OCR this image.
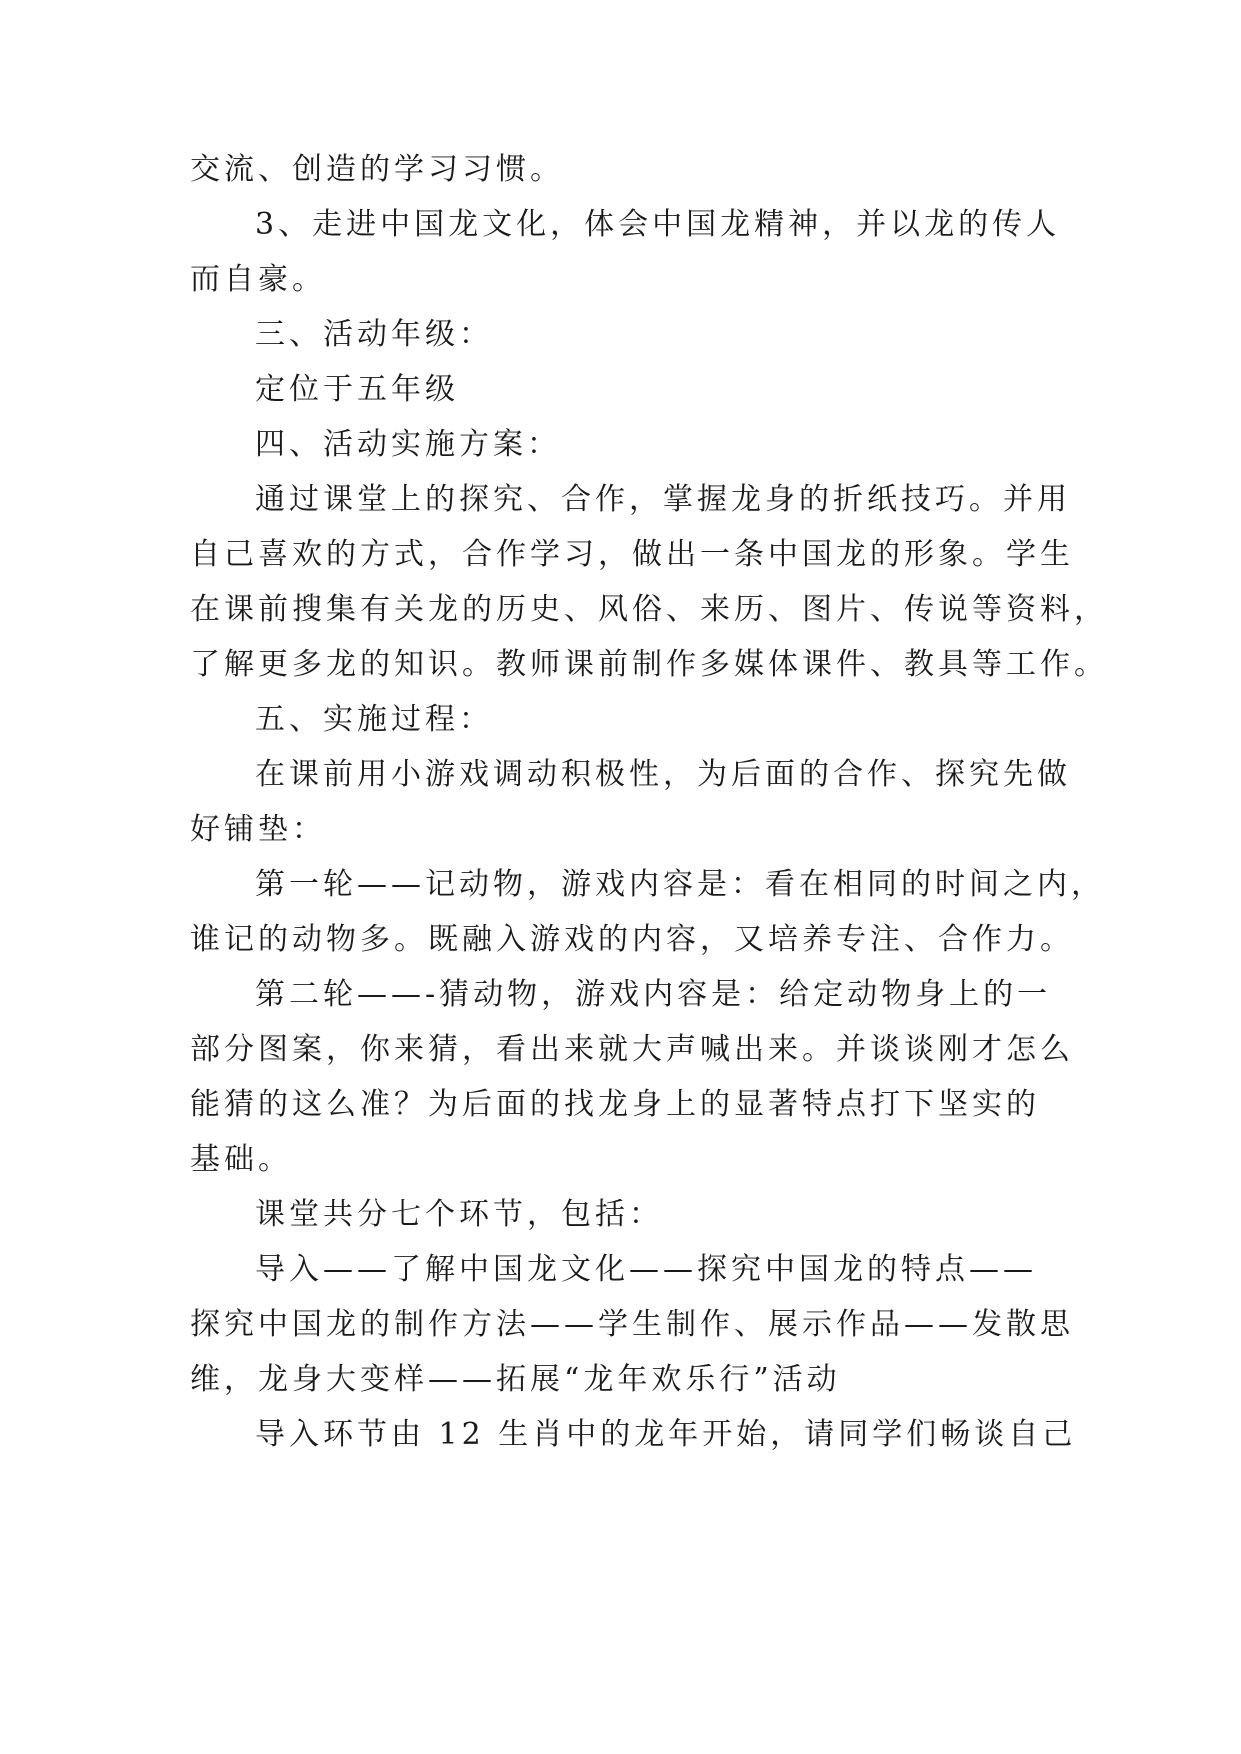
交流、创造的学习习惯。
3、走进中国龙文化，体会中国龙精神，并以龙的传人
而自豪。
三、活动年级：
定位于五年级
四、活动实施方案：
通过课堂上的探究、合作，掌握龙身的折纸技巧。并用
自己喜欢的方式，合作学习，做出一条中国龙的形象。学生
在课前搜集有关龙的历史、风俗、来历、图片、传说等资料，
了解更多龙的知识。教师课前制作多媒体课件、教具等工作。
五、实施过程：
在课前用小游戏调动积极性，为后面的合作、探究先做
好铺垫：
第一轮——记动物，游戏内容是：看在相同的时间之内，
谁记的动物多。既融入游戏的内容，又培养专注、合作力。
第二轮——-猜动物，游戏内容是：给定动物身上的一
部分图案，你来猜，看出来就大声喊出来。并谈谈刚才怎么
能猜的这么准？为后面的找龙身上的显著特点打下坚实的
基础。
课堂共分七个环节，包括：
导入——了解中国龙文化——探究中国龙的特点——
探究中国龙的制作方法——学生制作、展示作品——发散思
维，龙身大变样——拓展“龙年欢乐行”活动
导入环节由 12 生肖中的龙年开始，请同学们畅谈自己
